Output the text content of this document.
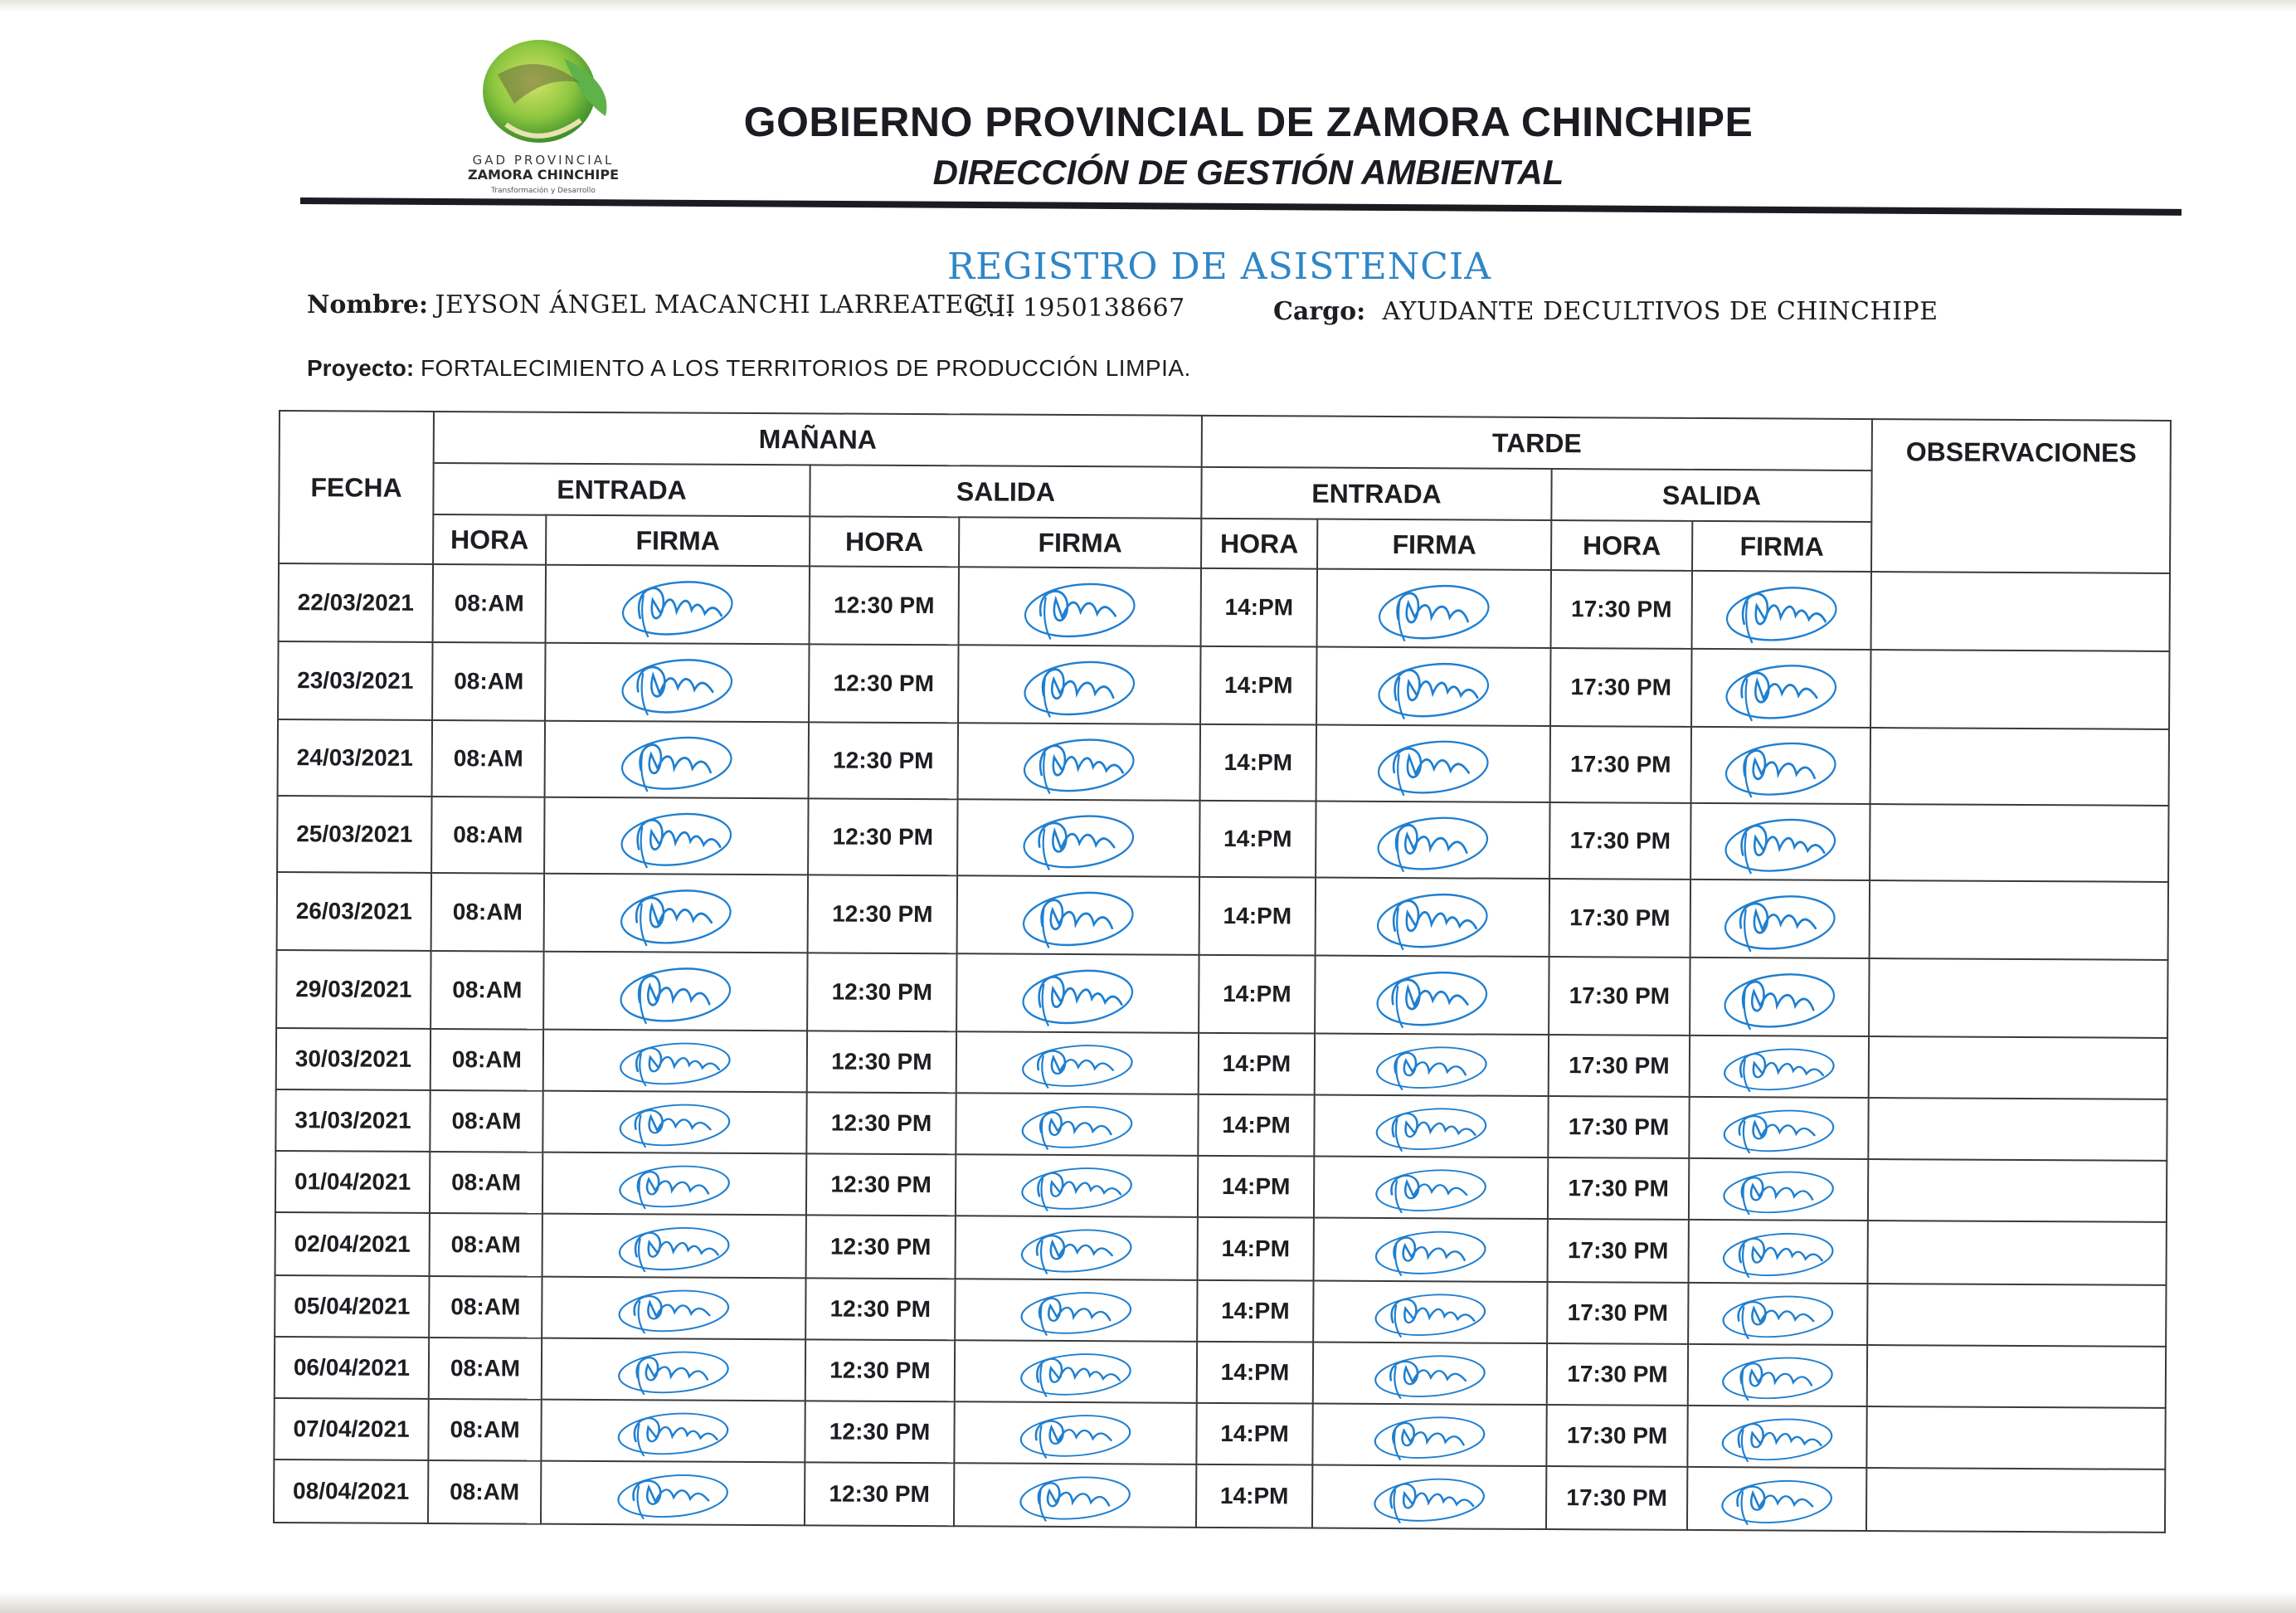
GAD PROVINCIAL
ZAMORA CHINCHIPE
Transformación y Desarrollo
GOBIERNO PROVINCIAL DE ZAMORA CHINCHIPE
DIRECCIÓN DE GESTIÓN AMBIENTAL
REGISTRO DE ASISTENCIA
Nombre: JEYSON ÁNGEL MACANCHI LARREATEGUI
C.I. 1950138667	Cargo: AYUDANTE DECULTIVOS DE CHINCHIPE
Proyecto: FORTALECIMIENTO A LOS TERRITORIOS DE PRODUCCIÓN LIMPIA.
FECHA	MAÑANA				TARDE				OBSERVACIONES
	ENTRADA		SALIDA		ENTRADA		SALIDA		
	HORA	FIRMA	HORA	FIRMA	HORA	FIRMA	HORA	FIRMA	
22/03/2021	08:AM		12:30 PM		14:PM		17:30 PM	

23/03/2021	08:AM		12:30 PM		14:PM		17:30 PM	

24/03/2021	08:AM		12:30 PM		14:PM		17:30 PM	

25/03/2021	08:AM		12:30 PM		14:PM		17:30 PM	

26/03/2021	08:AM		12:30 PM		14:PM		17:30 PM	

29/03/2021	08:AM		12:30 PM		14:PM		17:30 PM	

30/03/2021	08:AM		12:30 PM		14:PM		17:30 PM	

31/03/2021	08:AM		12:30 PM		14:PM		17:30 PM	

01/04/2021	08:AM		12:30 PM		14:PM		17:30 PM	

02/04/2021	08:AM		12:30 PM		14:PM		17:30 PM	

05/04/2021	08:AM		12:30 PM		14:PM		17:30 PM	

06/04/2021	08:AM		12:30 PM		14:PM		17:30 PM	

07/04/2021	08:AM		12:30 PM		14:PM		17:30 PM	

08/04/2021	08:AM		12:30 PM		14:PM		17:30 PM	
